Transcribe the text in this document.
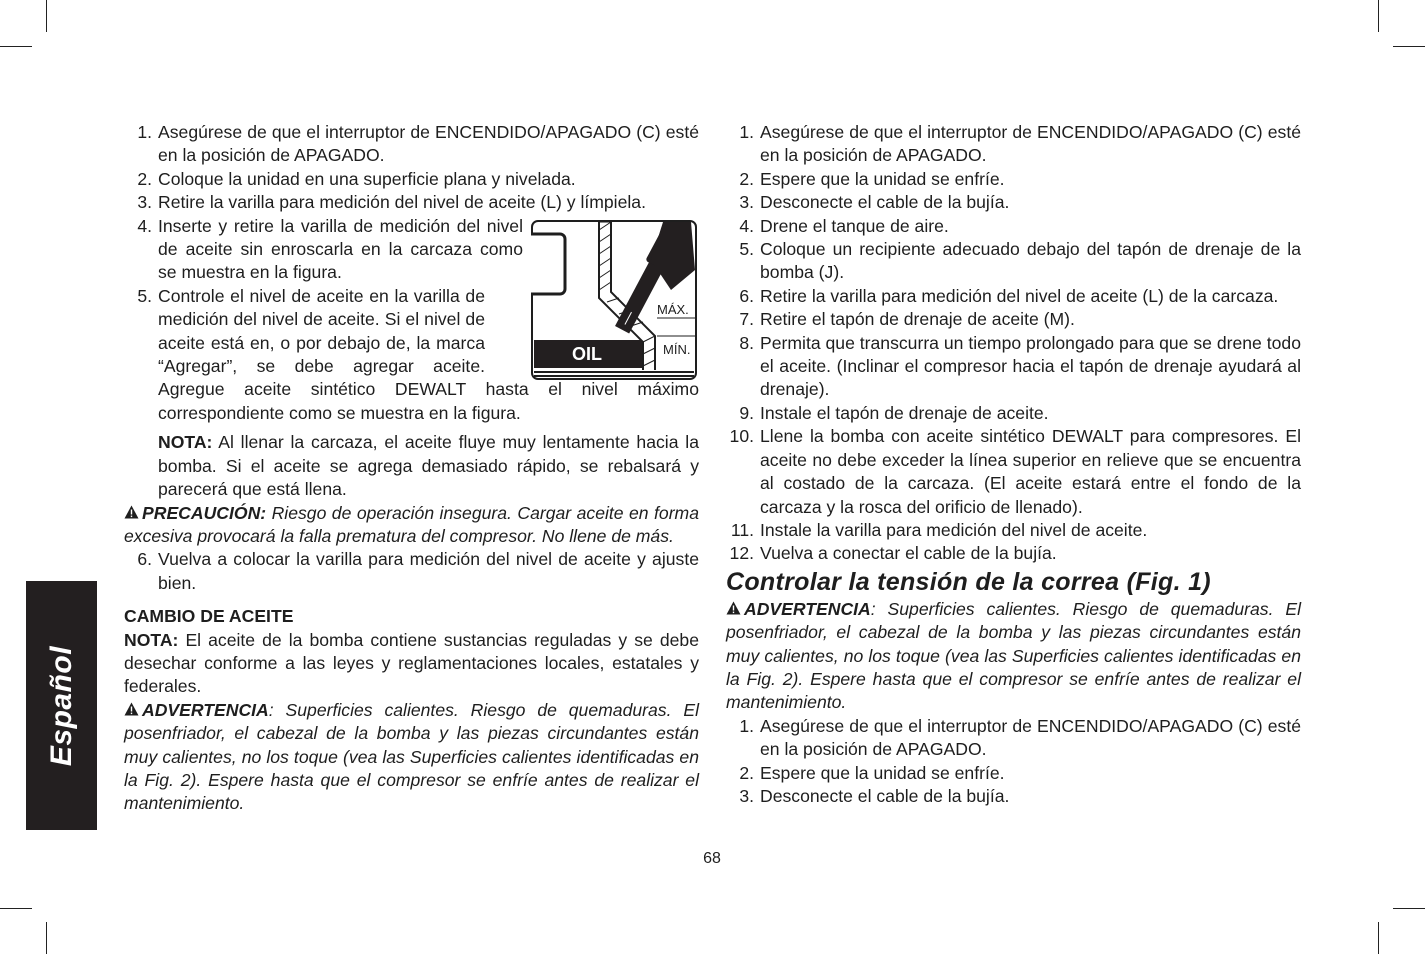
Español
1. Asegúrese de que el interruptor de ENCENDIDO/APAGADO (C) esté en la posición de APAGADO.
2. Coloque la unidad en una superficie plana y nivelada.
3. Retire la varilla para medición del nivel de aceite (L) y límpiela.
4. Inserte y retire la varilla de medición del nivel de aceite sin enroscarla en la carcaza como se muestra en la figura.
5. Controle el nivel de aceite en la varilla de medición del nivel de aceite. Si el nivel de aceite está en, o por debajo de, la marca “Agregar”, se debe agregar aceite. Agregue aceite sintético DEWALT hasta el nivel máximo correspondiente como se muestra en la figura.
NOTA: Al llenar la carcaza, el aceite fluye muy lentamente hacia la bomba. Si el aceite se agrega demasiado rápido, se rebalsará y parecerá que está llena.
PRECAUCIÓN: Riesgo de operación insegura. Cargar aceite en forma excesiva provocará la falla prematura del compresor. No llene de más.
6. Vuelva a colocar la varilla para medición del nivel de aceite y ajuste bien.
CAMBIO DE ACEITE
NOTA: El aceite de la bomba contiene sustancias reguladas y se debe desechar conforme a las leyes y reglamentaciones locales, estatales y federales.
ADVERTENCIA: Superficies calientes. Riesgo de quemaduras. El posenfriador, el cabezal de la bomba y las piezas circundantes están muy calientes, no los toque (vea las Superficies calientes identificadas en la Fig. 2). Espere hasta que el compresor se enfríe antes de realizar el mantenimiento.
OIL
MÁX.
MÍN.
1. Asegúrese de que el interruptor de ENCENDIDO/APAGADO (C) esté en la posición de APAGADO.
2. Espere que la unidad se enfríe.
3. Desconecte el cable de la bujía.
4. Drene el tanque de aire.
5. Coloque un recipiente adecuado debajo del tapón de drenaje de la bomba (J).
6. Retire la varilla para medición del nivel de aceite (L) de la carcaza.
7. Retire el tapón de drenaje de aceite (M).
8. Permita que transcurra un tiempo prolongado para que se drene todo el aceite. (Inclinar el compresor hacia el tapón de drenaje ayudará al drenaje).
9. Instale el tapón de drenaje de aceite.
10. Llene la bomba con aceite sintético DEWALT para compresores. El aceite no debe exceder la línea superior en relieve que se encuentra al costado de la carcaza. (El aceite estará entre el fondo de la carcaza y la rosca del orificio de llenado).
11. Instale la varilla para medición del nivel de aceite.
12. Vuelva a conectar el cable de la bujía.
Controlar la tensión de la correa (Fig. 1)
ADVERTENCIA: Superficies calientes. Riesgo de quemaduras. El posenfriador, el cabezal de la bomba y las piezas circundantes están muy calientes, no los toque (vea las Superficies calientes identificadas en la Fig. 2). Espere hasta que el compresor se enfríe antes de realizar el mantenimiento.
1. Asegúrese de que el interruptor de ENCENDIDO/APAGADO (C) esté en la posición de APAGADO.
2. Espere que la unidad se enfríe.
3. Desconecte el cable de la bujía.
68
